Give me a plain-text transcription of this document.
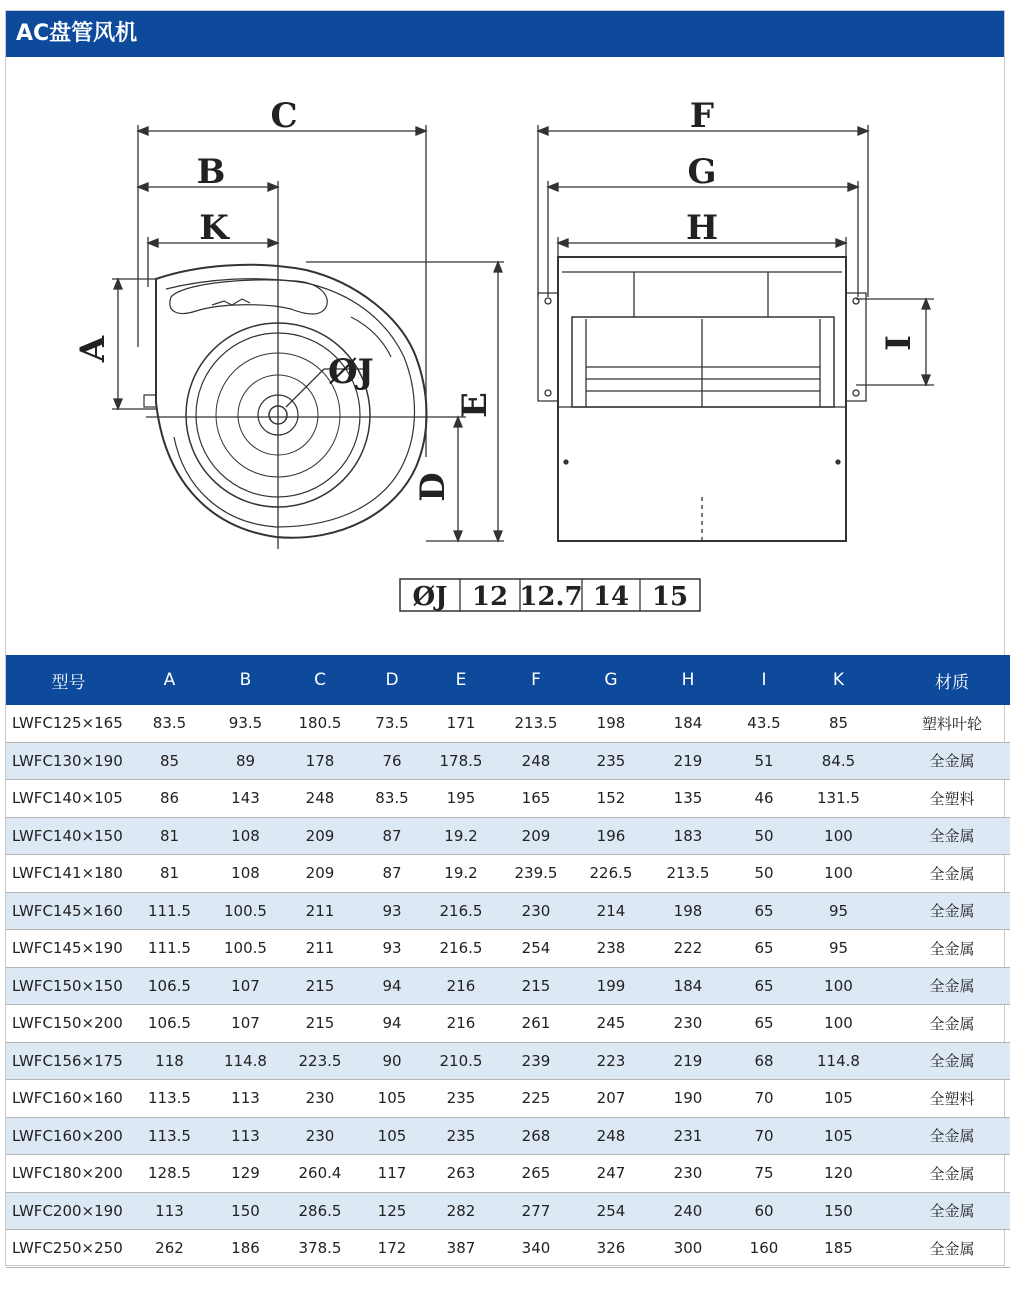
AC盘管风机
C
B
K
A
ØJ
E
D
F
G
H
I
ØJ 12 12.7 14 15
型号	A	B	C	D	E	F	G	H	I	K	材质
LWFC125×165	83.5	93.5	180.5	73.5	171	213.5	198	184	43.5	85	塑料叶轮
LWFC130×190	85	89	178	76	178.5	248	235	219	51	84.5	全金属
LWFC140×105	86	143	248	83.5	195	165	152	135	46	131.5	全塑料
LWFC140×150	81	108	209	87	19.2	209	196	183	50	100	全金属
LWFC141×180	81	108	209	87	19.2	239.5	226.5	213.5	50	100	全金属
LWFC145×160	111.5	100.5	211	93	216.5	230	214	198	65	95	全金属
LWFC145×190	111.5	100.5	211	93	216.5	254	238	222	65	95	全金属
LWFC150×150	106.5	107	215	94	216	215	199	184	65	100	全金属
LWFC150×200	106.5	107	215	94	216	261	245	230	65	100	全金属
LWFC156×175	118	114.8	223.5	90	210.5	239	223	219	68	114.8	全金属
LWFC160×160	113.5	113	230	105	235	225	207	190	70	105	全塑料
LWFC160×200	113.5	113	230	105	235	268	248	231	70	105	全金属
LWFC180×200	128.5	129	260.4	117	263	265	247	230	75	120	全金属
LWFC200×190	113	150	286.5	125	282	277	254	240	60	150	全金属
LWFC250×250	262	186	378.5	172	387	340	326	300	160	185	全金属
